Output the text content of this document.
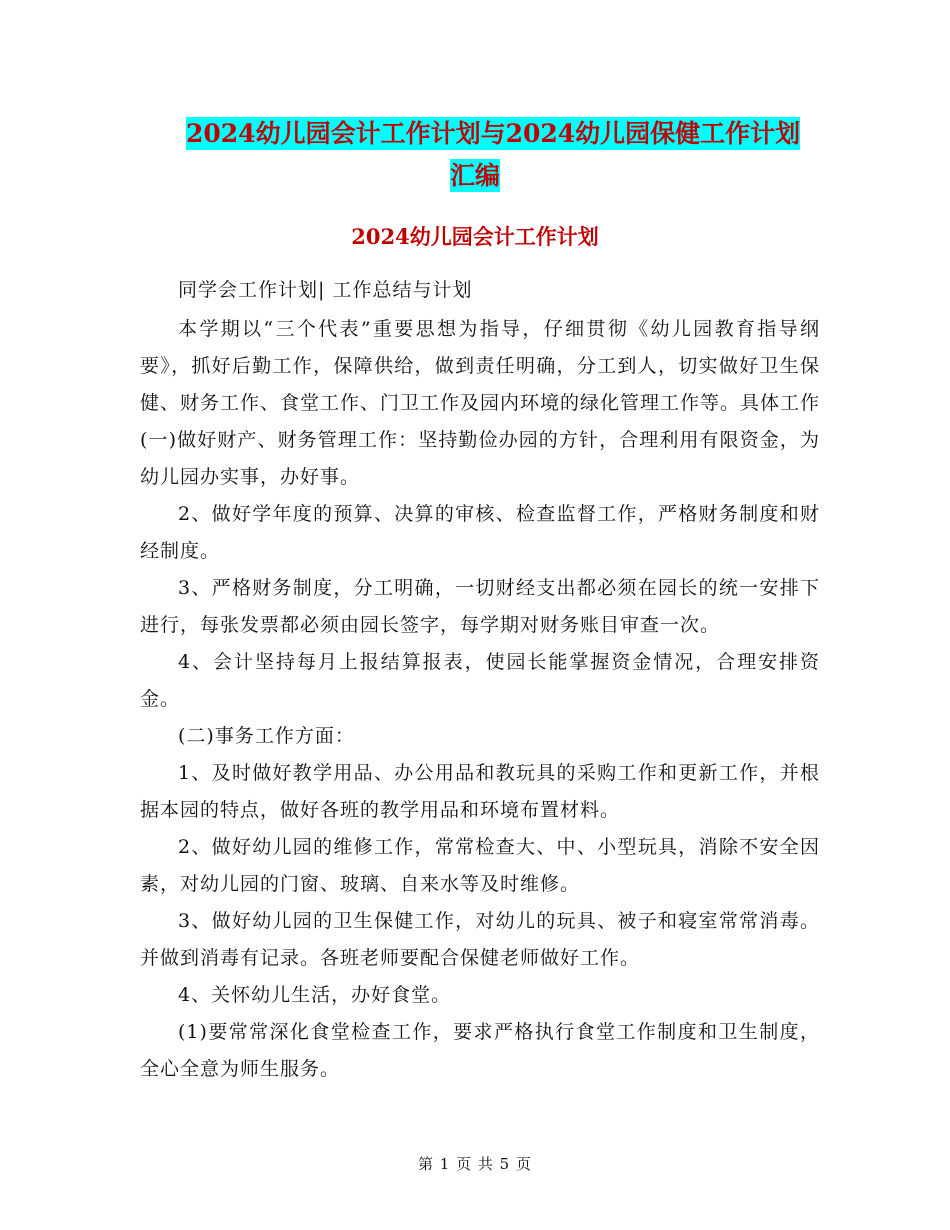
2024幼儿园会计工作计划与2024幼儿园保健工作计划
汇编
2024幼儿园会计工作计划

同学会工作计划| 工作总结与计划

本学期以“三个代表”重要思想为指导，仔细贯彻《幼儿园教育指导纲要》，抓好后勤工作，保障供给，做到责任明确，分工到人，切实做好卫生保健、财务工作、食堂工作、门卫工作及园内环境的绿化管理工作等。具体工作(一)做好财产、财务管理工作：坚持勤俭办园的方针，合理利用有限资金，为幼儿园办实事，办好事。

2、做好学年度的预算、决算的审核、检查监督工作，严格财务制度和财经制度。

3、严格财务制度，分工明确，一切财经支出都必须在园长的统一安排下进行，每张发票都必须由园长签字，每学期对财务账目审查一次。

4、会计坚持每月上报结算报表，使园长能掌握资金情况，合理安排资金。

(二)事务工作方面：

1、及时做好教学用品、办公用品和教玩具的采购工作和更新工作，并根据本园的特点，做好各班的教学用品和环境布置材料。

2、做好幼儿园的维修工作，常常检查大、中、小型玩具，消除不安全因素，对幼儿园的门窗、玻璃、自来水等及时维修。

3、做好幼儿园的卫生保健工作，对幼儿的玩具、被子和寝室常常消毒。并做到消毒有记录。各班老师要配合保健老师做好工作。

4、关怀幼儿生活，办好食堂。

(1)要常常深化食堂检查工作，要求严格执行食堂工作制度和卫生制度，全心全意为师生服务。

第 1 页 共 5 页
